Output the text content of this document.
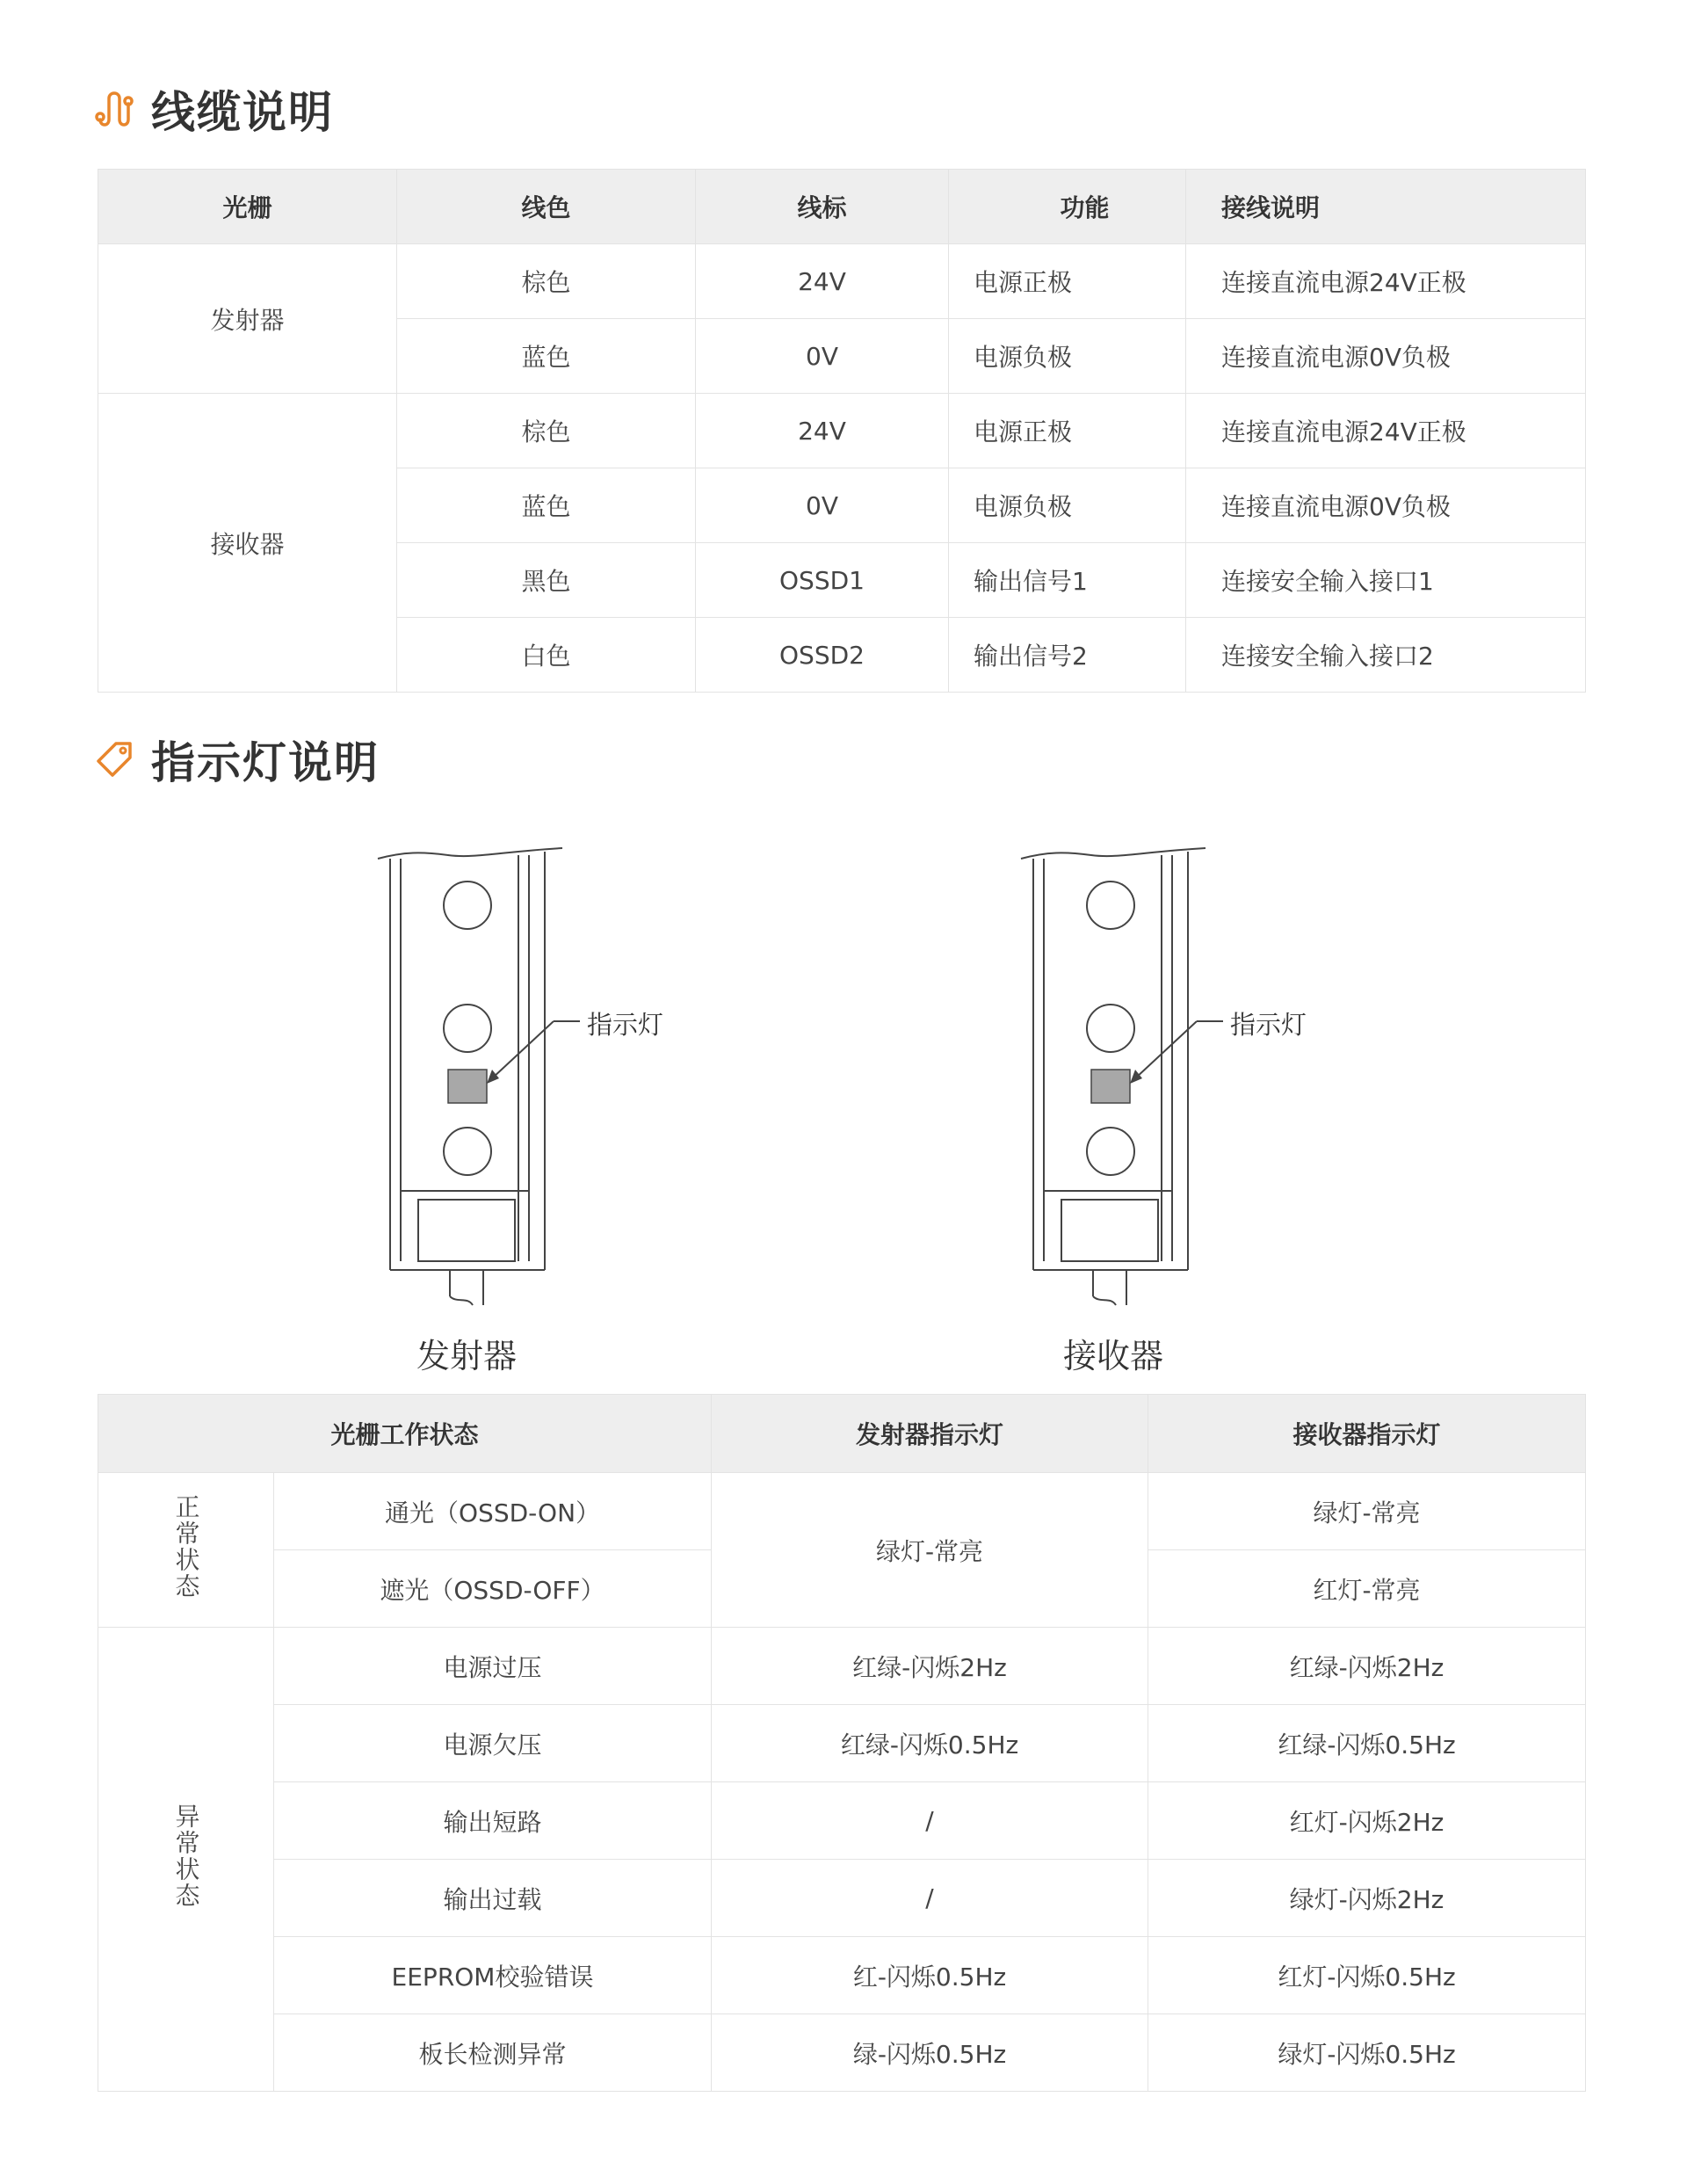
线缆说明
光栅	线色	线标	功能	接线说明
发射器	棕色	24V	电源正极	连接直流电源24V正极
	蓝色	0V	电源负极	连接直流电源0V负极
接收器	棕色	24V	电源正极	连接直流电源24V正极
	蓝色	0V	电源负极	连接直流电源0V负极
	黑色	OSSD1	输出信号1	连接安全输入接口1
	白色	OSSD2	输出信号2	连接安全输入接口2
指示灯说明
指示灯
发射器
指示灯
接收器
光栅工作状态		发射器指示灯	接收器指示灯
正常状态	通光（OSSD-ON）	绿灯-常亮	绿灯-常亮
	遮光（OSSD-OFF）		红灯-常亮
异常状态	电源过压	红绿-闪烁2Hz	红绿-闪烁2Hz
	电源欠压	红绿-闪烁0.5Hz	红绿-闪烁0.5Hz
	输出短路	/	红灯-闪烁2Hz
	输出过载	/	绿灯-闪烁2Hz
	EEPROM校验错误	红-闪烁0.5Hz	红灯-闪烁0.5Hz
	板长检测异常	绿-闪烁0.5Hz	绿灯-闪烁0.5Hz
